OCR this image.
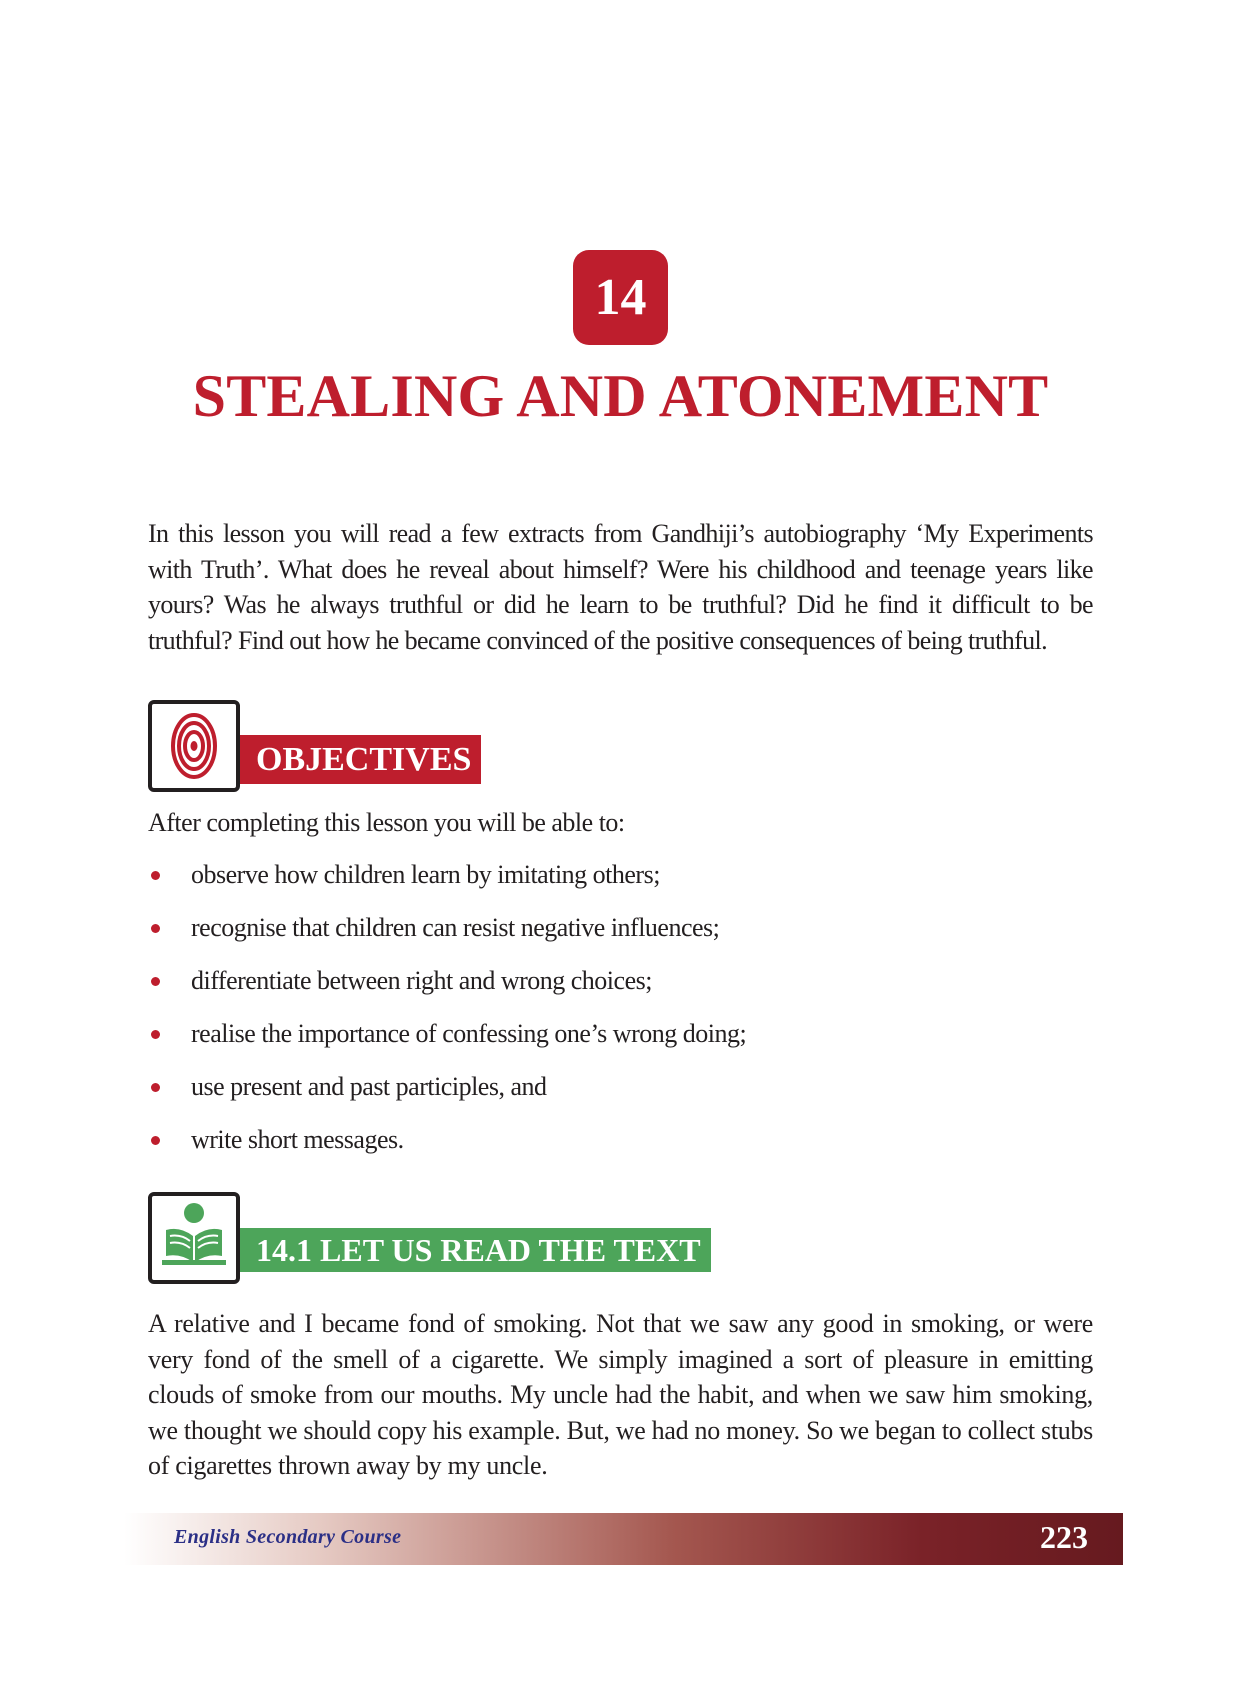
14
STEALING AND ATONEMENT
In this lesson you will read a few extracts from Gandhiji’s autobiography ‘My Experiments with Truth’. What does he reveal about himself? Were his childhood and teenage years like yours? Was he always truthful or did he learn to be truthful? Did he find it difficult to be truthful? Find out how he became convinced of the positive consequences of being truthful.
OBJECTIVES
After completing this lesson you will be able to:
observe how children learn by imitating others;
recognise that children can resist negative influences;
differentiate between right and wrong choices;
realise the importance of confessing one’s wrong doing;
use present and past participles, and
write short messages.
14.1 LET US READ THE TEXT
A relative and I became fond of smoking. Not that we saw any good in smoking, or were very fond of the smell of a cigarette. We simply imagined a sort of pleasure in emitting clouds of smoke from our mouths. My uncle had the habit, and when we saw him smoking, we thought we should copy his example. But, we had no money. So we began to collect stubs of cigarettes thrown away by my uncle.
English Secondary Course	223
